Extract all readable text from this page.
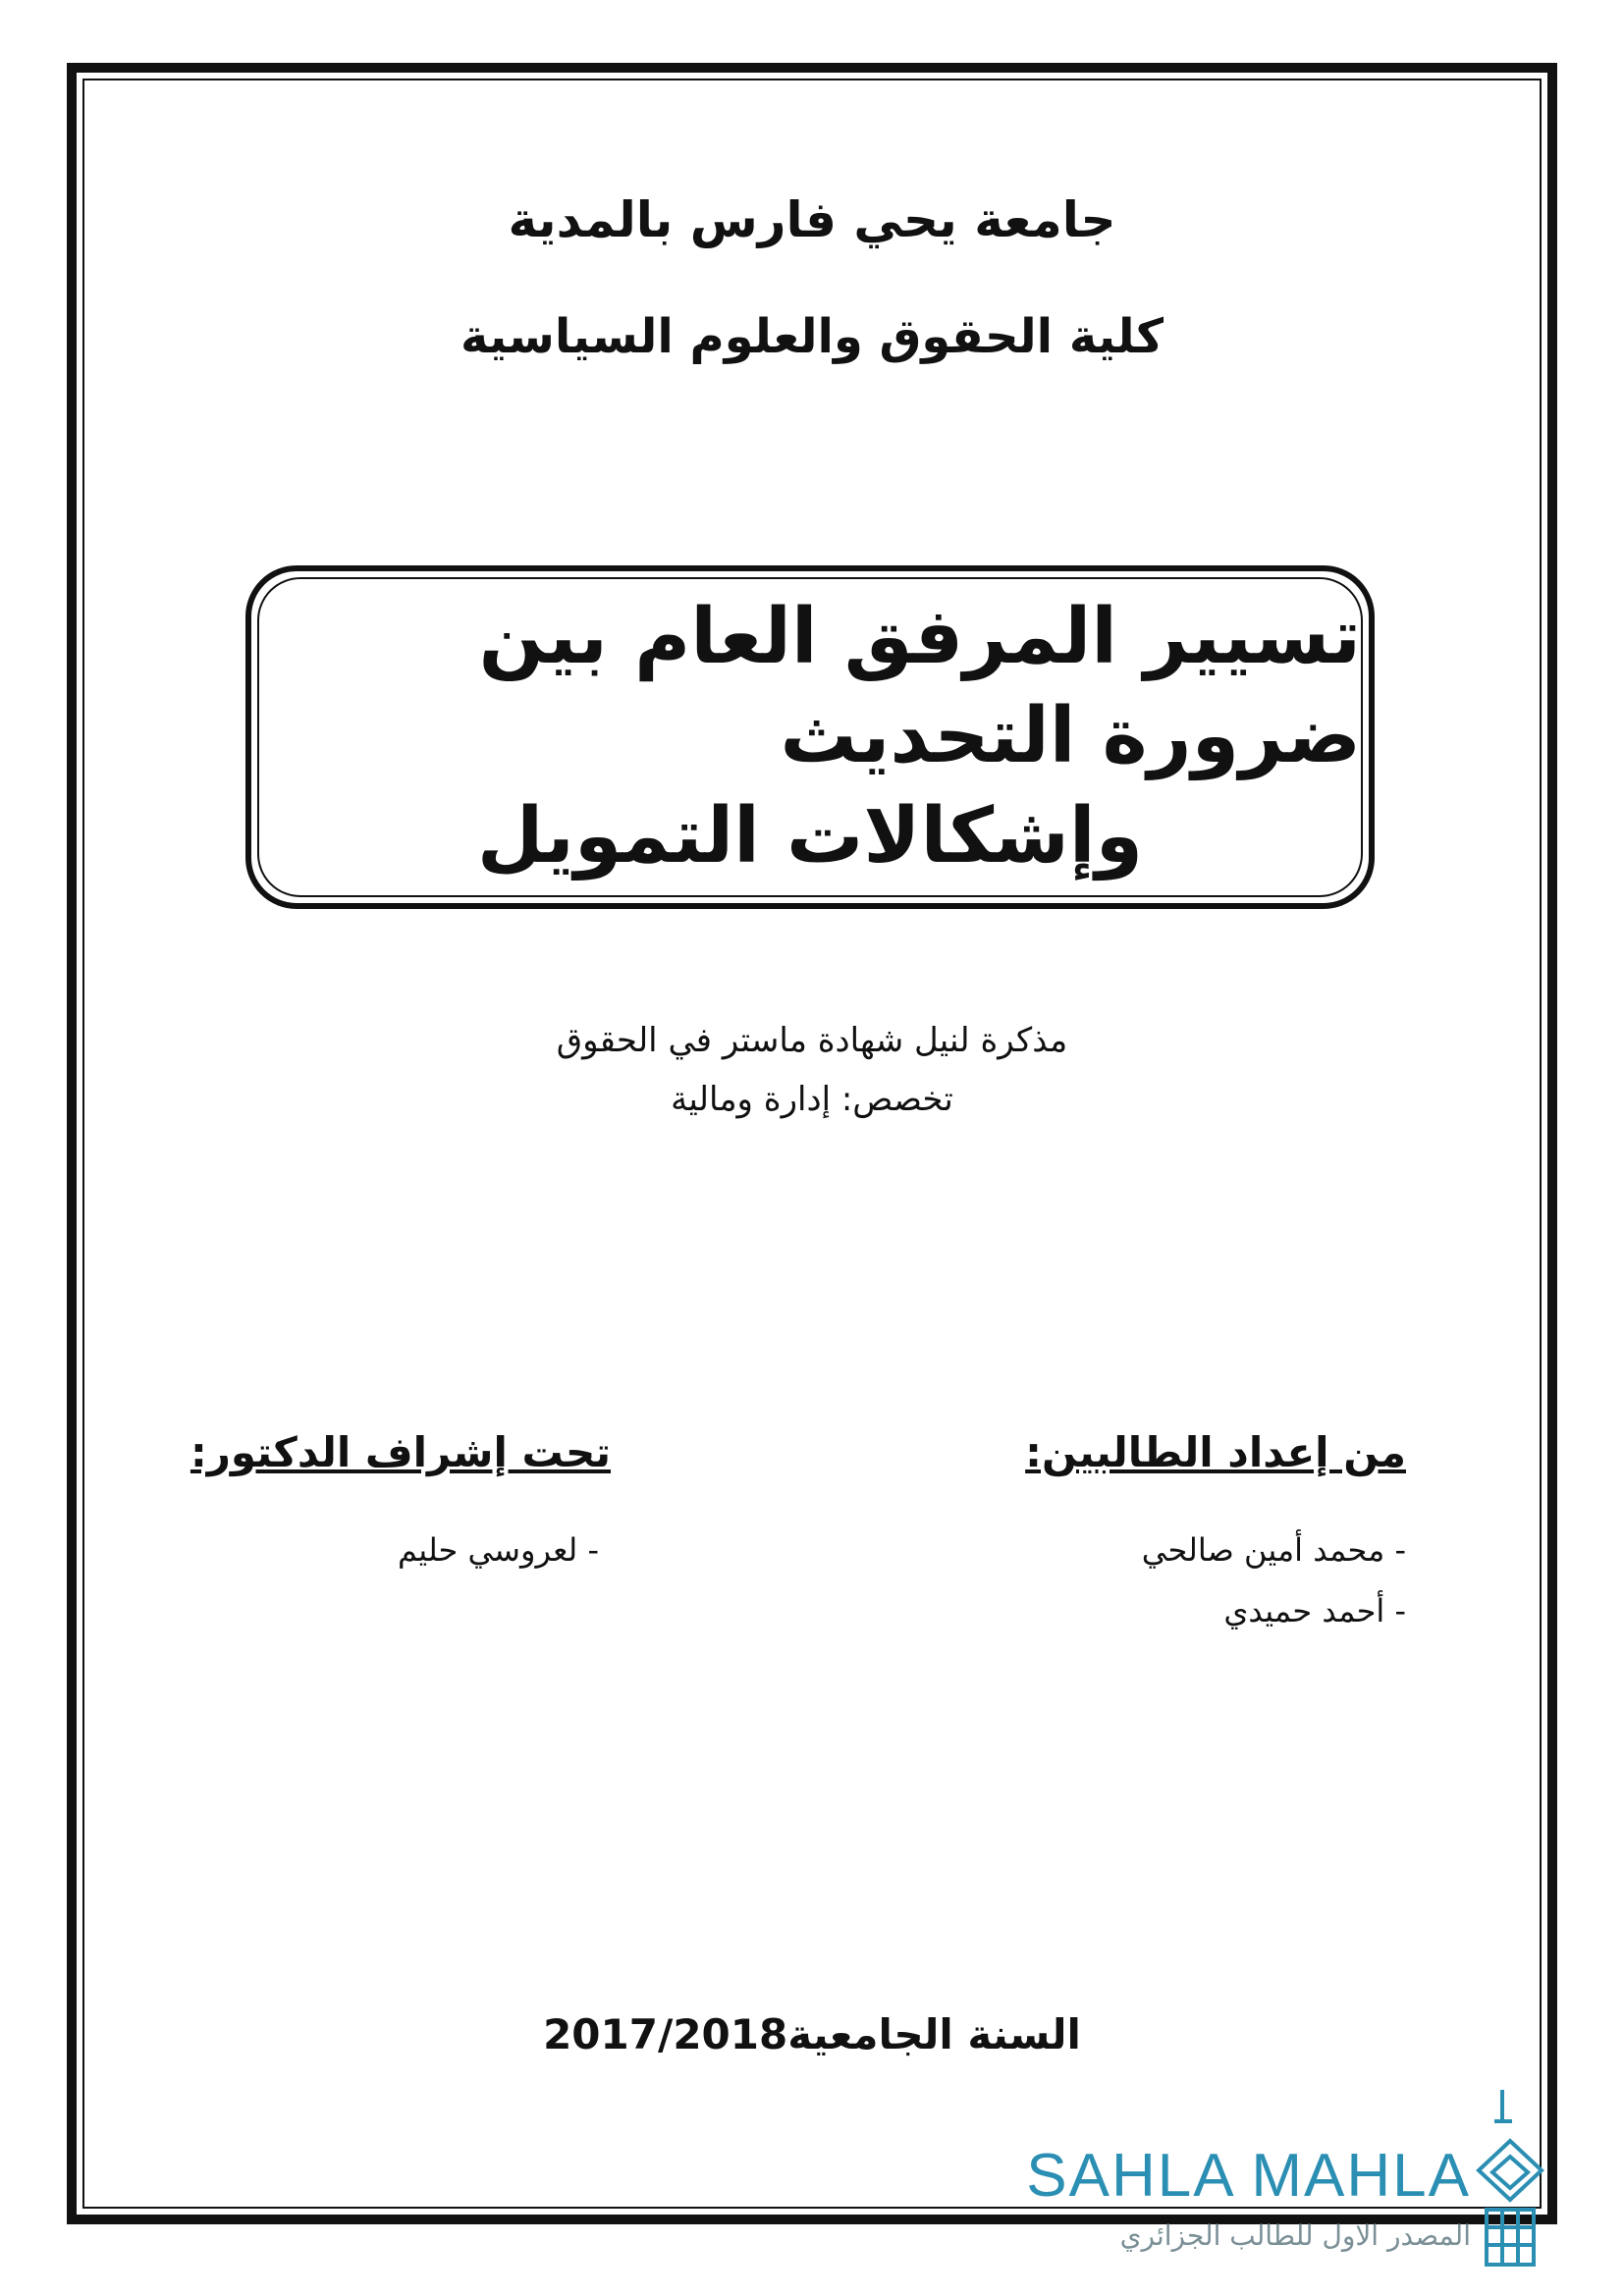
جامعة يحي فارس بالمدية
كلية الحقوق والعلوم السياسية
تسيير المرفق العام بين ضرورة التحديث
وإشكالات التمويل
مذكرة لنيل شهادة ماستر في الحقوق
تخصص: إدارة ومالية
من إعداد الطالبين:
تحت إشراف الدكتور:
- محمد أمين صالحي
- أحمد حميدي
- لعروسي حليم
السنة الجامعية2017/2018
SAHLA MAHLA
المصدر الاول للطالب الجزائري
